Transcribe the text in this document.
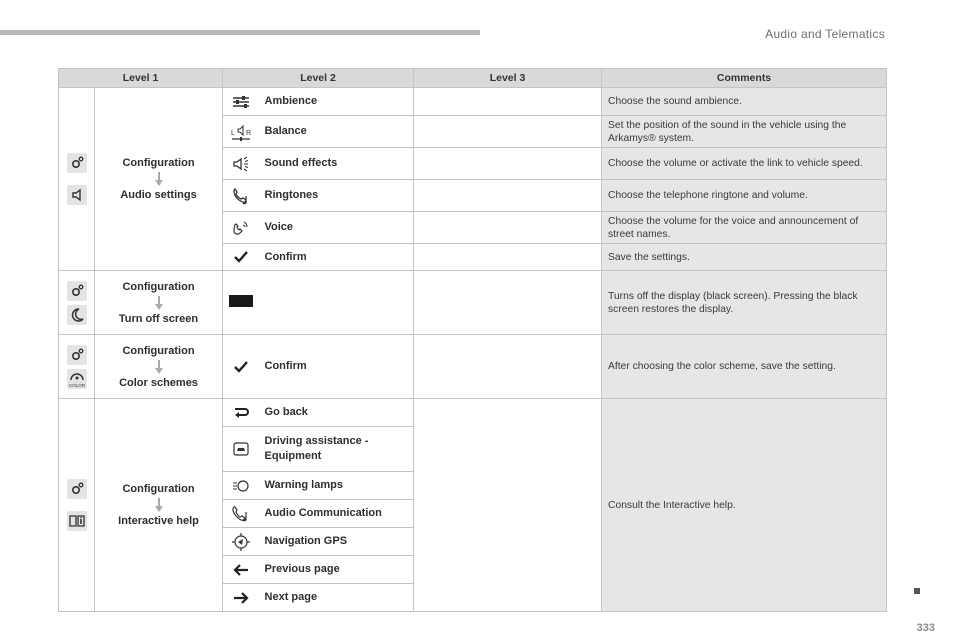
Audio and Telematics
Level 1		Level 2		Level 3	Comments

Configuration
Audio settings		Ambience		Choose the sound ambience.

L R	Balance		Set the position of the sound in the vehicle using the Arkamys® system.
	Sound effects		Choose the volume or activate the link to vehicle speed.
	Ringtones		Choose the telephone ringtone and volume.
	Voice		Choose the volume for the voice and announcement of street names.
	Confirm		Save the settings.

Configuration
Turn off screen				Turns off the display (black screen). Pressing the black screen restores the display.

COLOR	Configuration
Color schemes		Confirm		After choosing the color scheme, save the setting.

Configuration
Interactive help		Go back		Consult the Interactive help.
	Driving assistance - Equipment		
	Warning lamps		
	Audio Communication		
	Navigation GPS		
	Previous page		
	Next page		
333
